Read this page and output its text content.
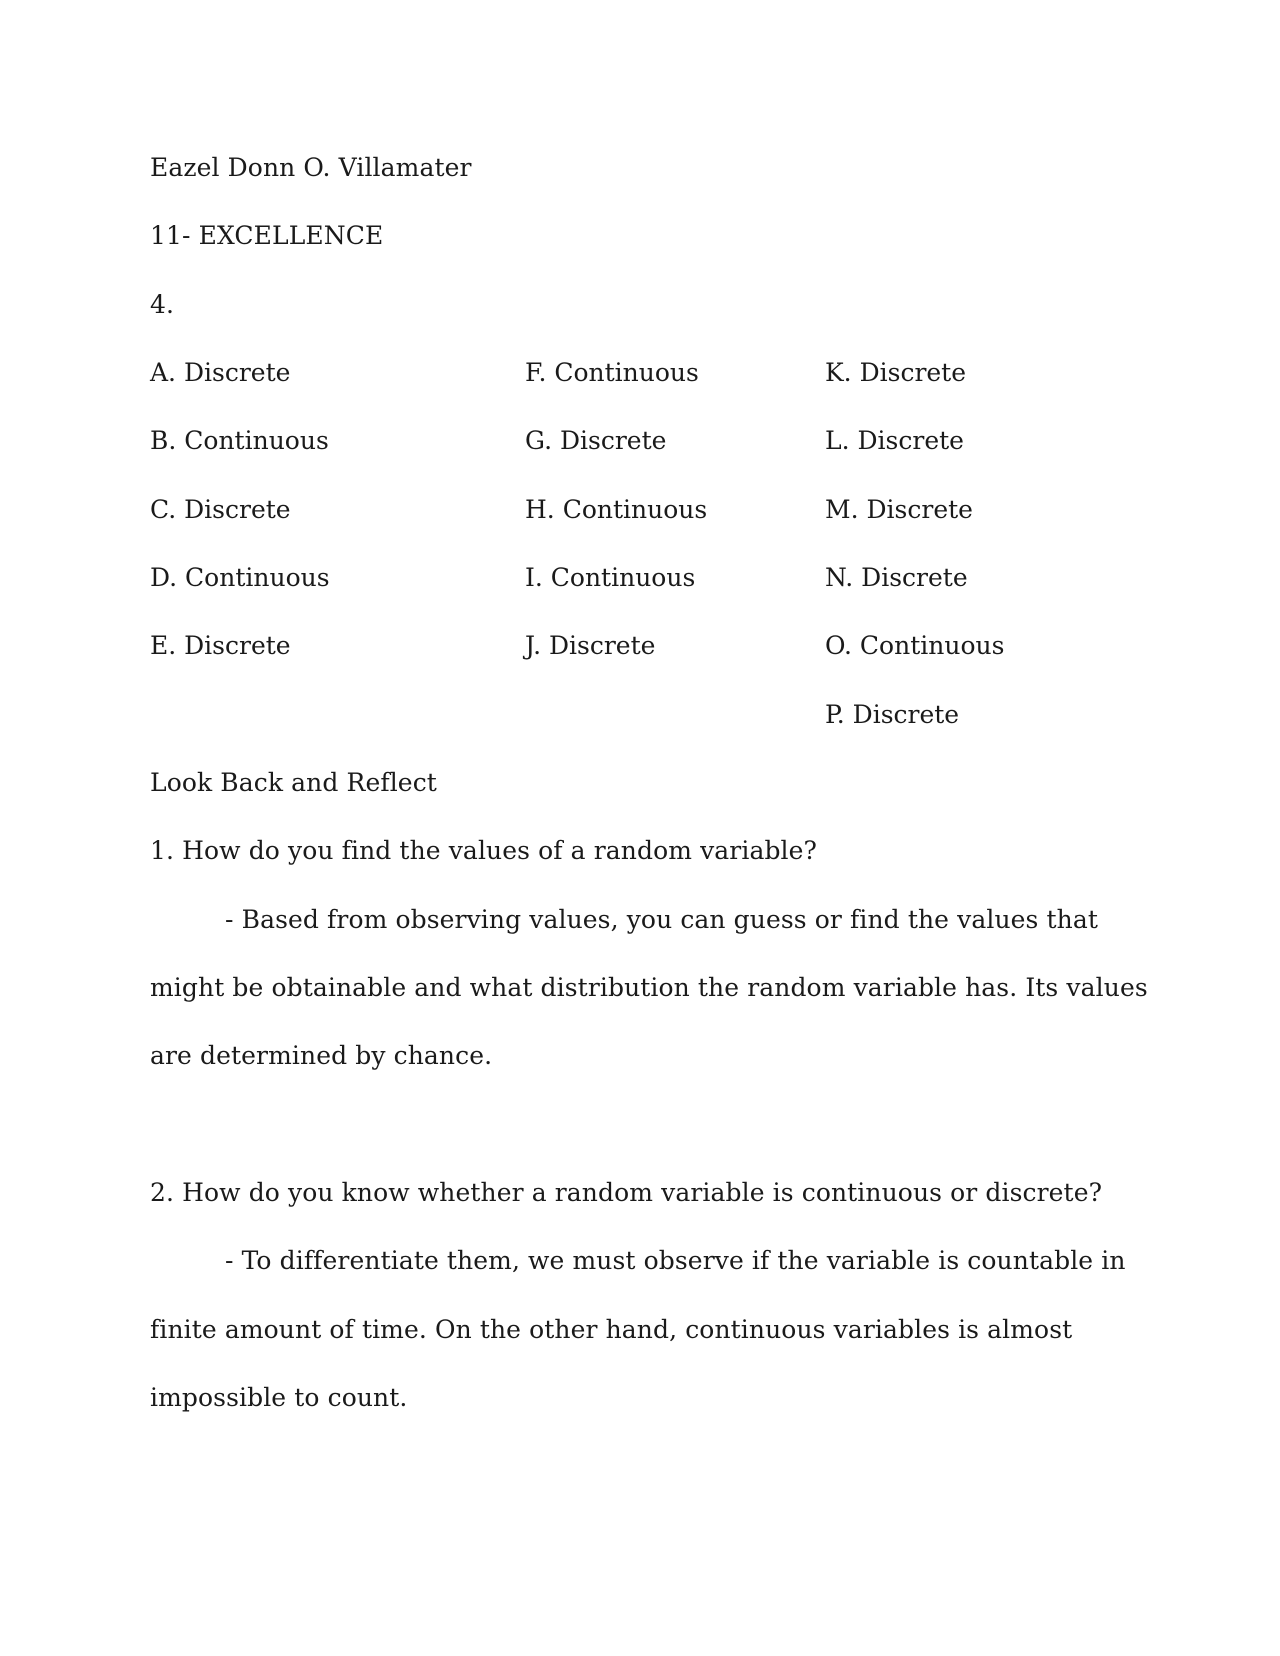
Eazel Donn O. Villamater
11- EXCELLENCE
4.
A. Discrete
B. Continuous
C. Discrete
D. Continuous
E. Discrete
F. Continuous
G. Discrete
H. Continuous
I. Continuous
J. Discrete
K. Discrete
L. Discrete
M. Discrete
N. Discrete
O. Continuous
P. Discrete
Look Back and Reflect
1. How do you find the values of a random variable?
- Based from observing values, you can guess or find the values that
might be obtainable and what distribution the random variable has. Its values
are determined by chance.
2. How do you know whether a random variable is continuous or discrete?
- To differentiate them, we must observe if the variable is countable in
finite amount of time. On the other hand, continuous variables is almost
impossible to count.
